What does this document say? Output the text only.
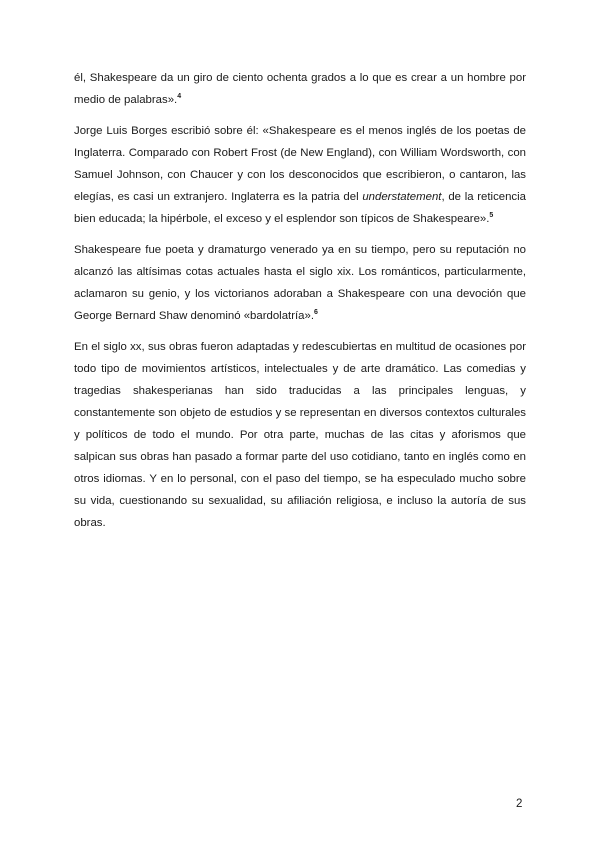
él, Shakespeare da un giro de ciento ochenta grados a lo que es crear a un hombre por medio de palabras».$^4$

Jorge Luis Borges escribió sobre él: «Shakespeare es el menos inglés de los poetas de Inglaterra. Comparado con Robert Frost (de New England), con William Wordsworth, con Samuel Johnson, con Chaucer y con los desconocidos que escribieron, o cantaron, las elegías, es casi un extranjero. Inglaterra es la patria del understatement, de la reticencia bien educada; la hipérbole, el exceso y el esplendor son típicos de Shakespeare».$^5$

Shakespeare fue poeta y dramaturgo venerado ya en su tiempo, pero su reputación no alcanzó las altísimas cotas actuales hasta el siglo xix. Los románticos, particularmente, aclamaron su genio, y los victorianos adoraban a Shakespeare con una devoción que George Bernard Shaw denominó «bardolatría».$^6$

En el siglo xx, sus obras fueron adaptadas y redescubiertas en multitud de ocasiones por todo tipo de movimientos artísticos, intelectuales y de arte dramático. Las comedias y tragedias shakesperianas han sido traducidas a las principales lenguas, y constantemente son objeto de estudios y se representan en diversos contextos culturales y políticos de todo el mundo. Por otra parte, muchas de las citas y aforismos que salpican sus obras han pasado a formar parte del uso cotidiano, tanto en inglés como en otros idiomas. Y en lo personal, con el paso del tiempo, se ha especulado mucho sobre su vida, cuestionando su sexualidad, su afiliación religiosa, e incluso la autoría de sus obras.

2
